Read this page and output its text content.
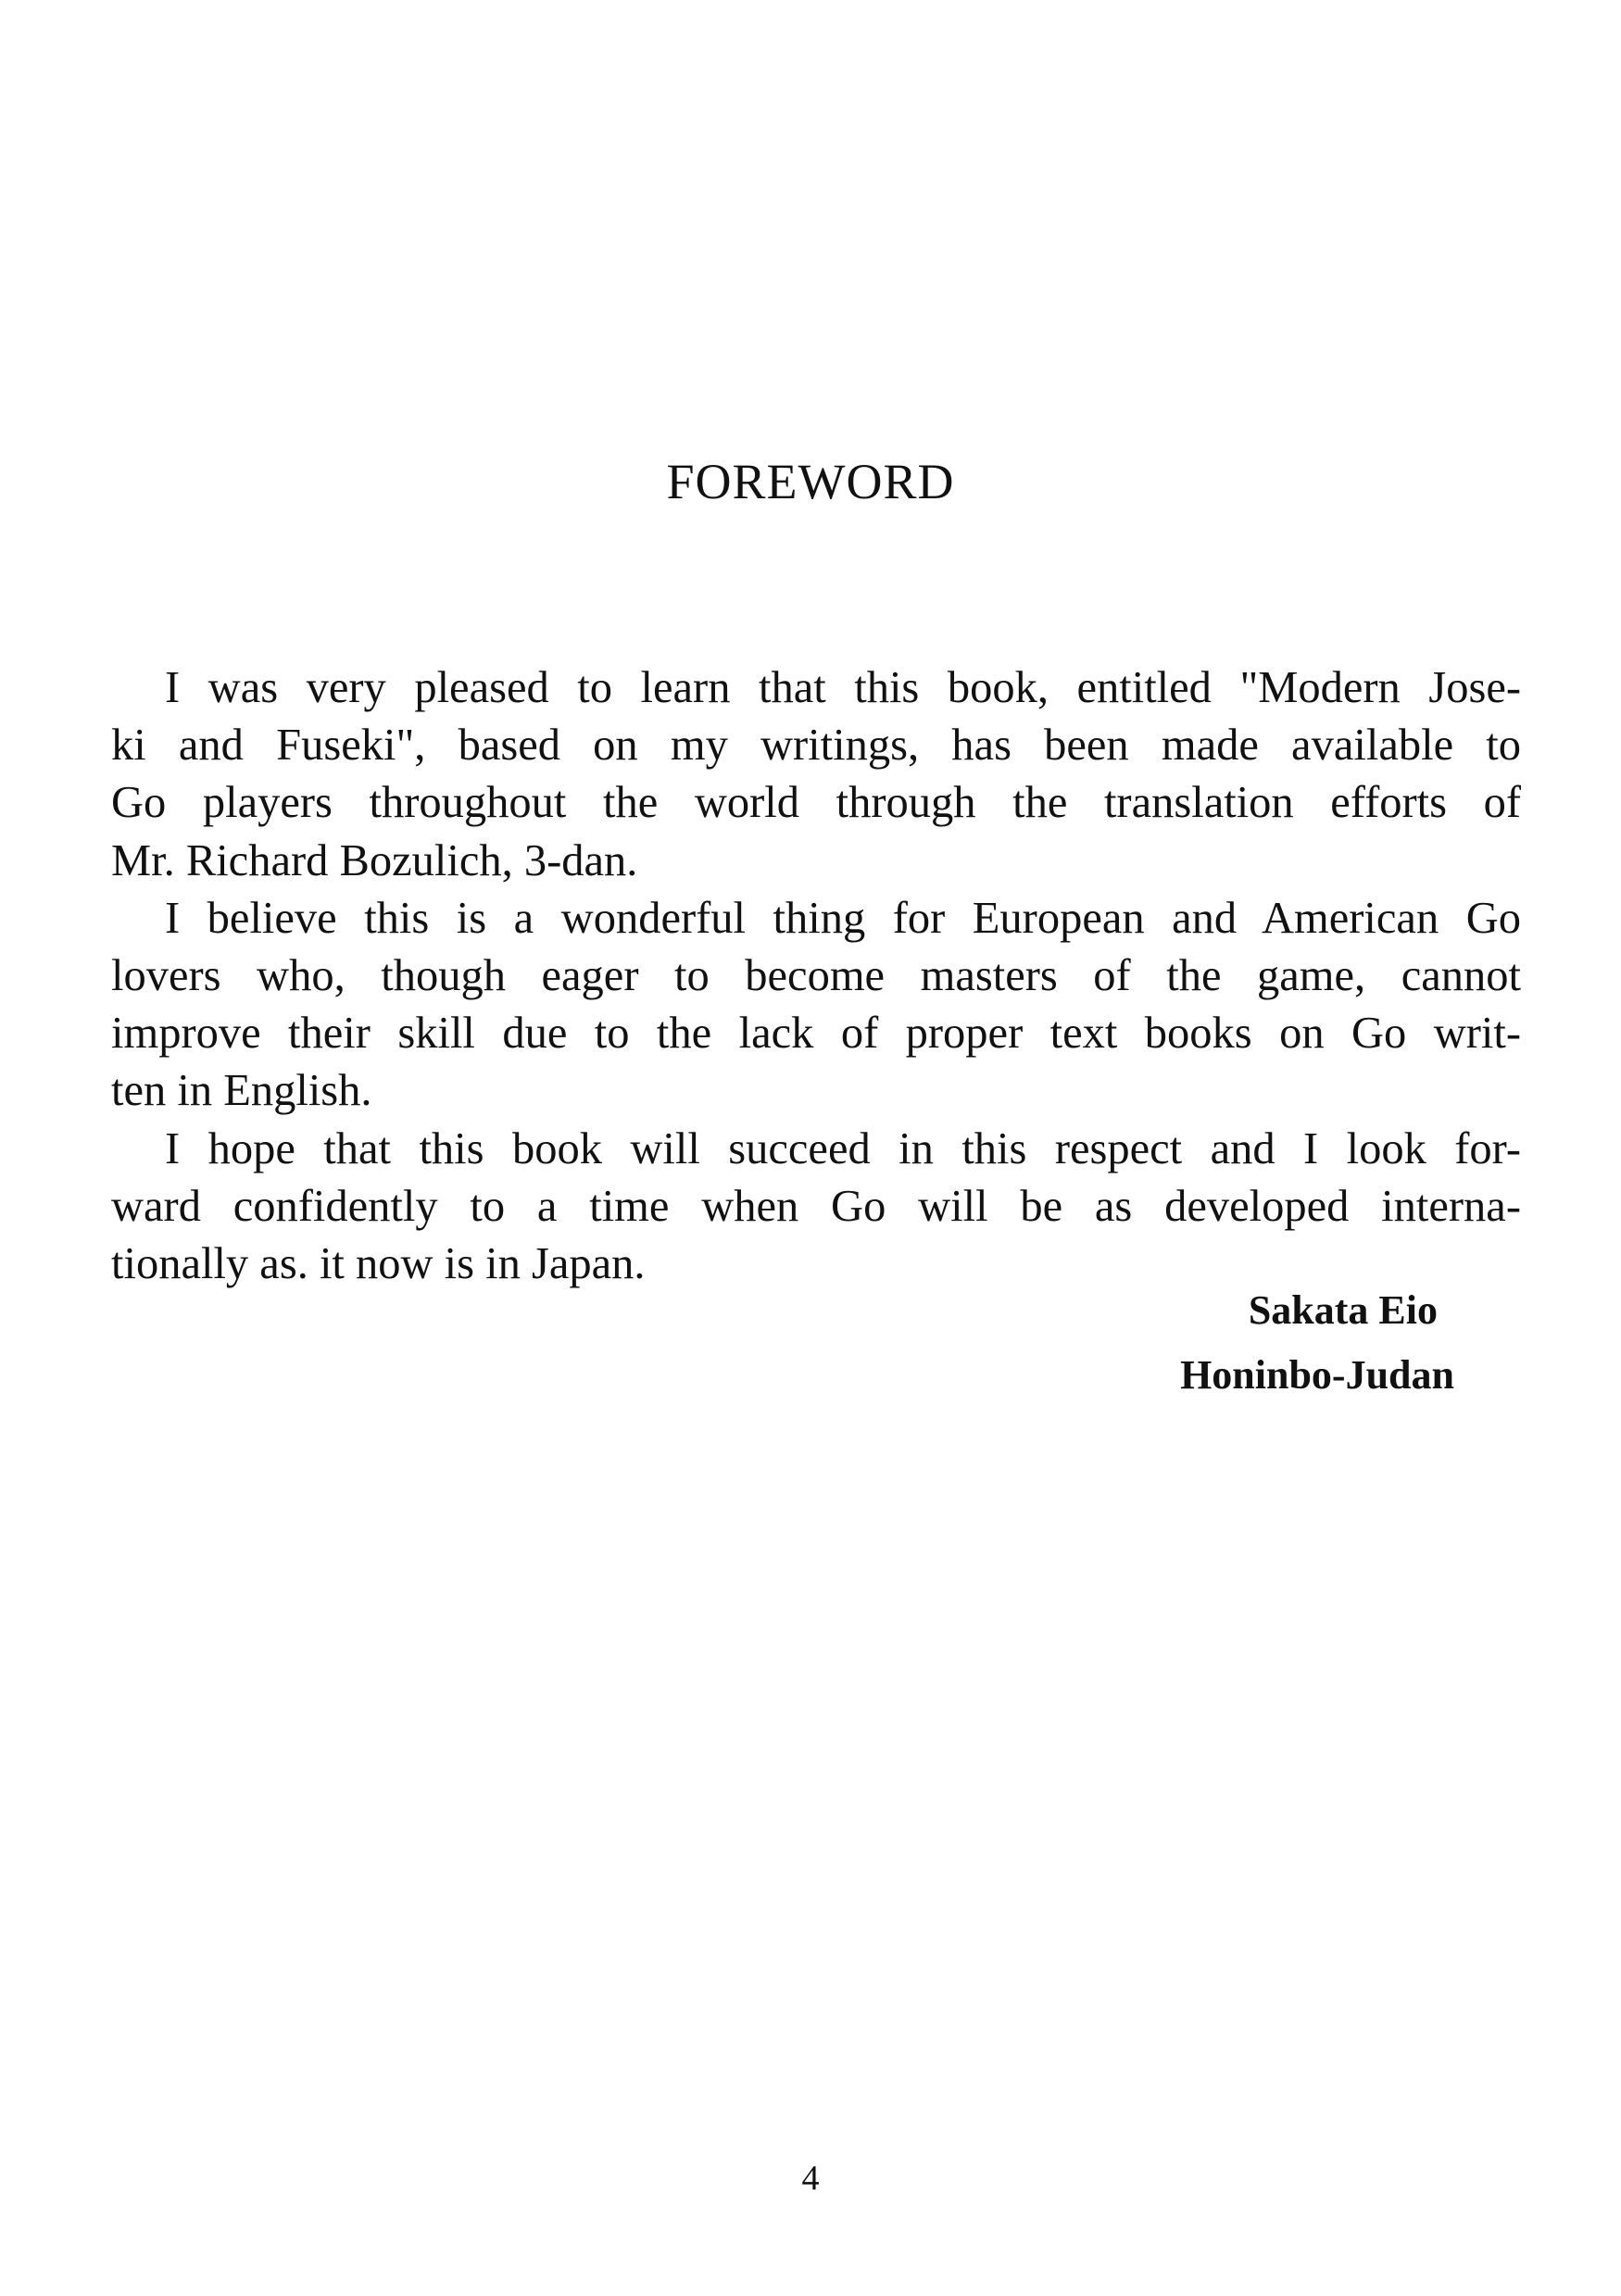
FOREWORD
I was very pleased to learn that this book, entitled "Modern Jose-
ki and Fuseki", based on my writings, has been made available to
Go players throughout the world through the translation efforts of
Mr. Richard Bozulich, 3-dan.
I believe this is a wonderful thing for European and American Go
lovers who, though eager to become masters of the game, cannot
improve their skill due to the lack of proper text books on Go writ-
ten in English.
I hope that this book will succeed in this respect and I look for-
ward confidently to a time when Go will be as developed interna-
tionally as. it now is in Japan.
Sakata Eio
Honinbo-Judan
4
